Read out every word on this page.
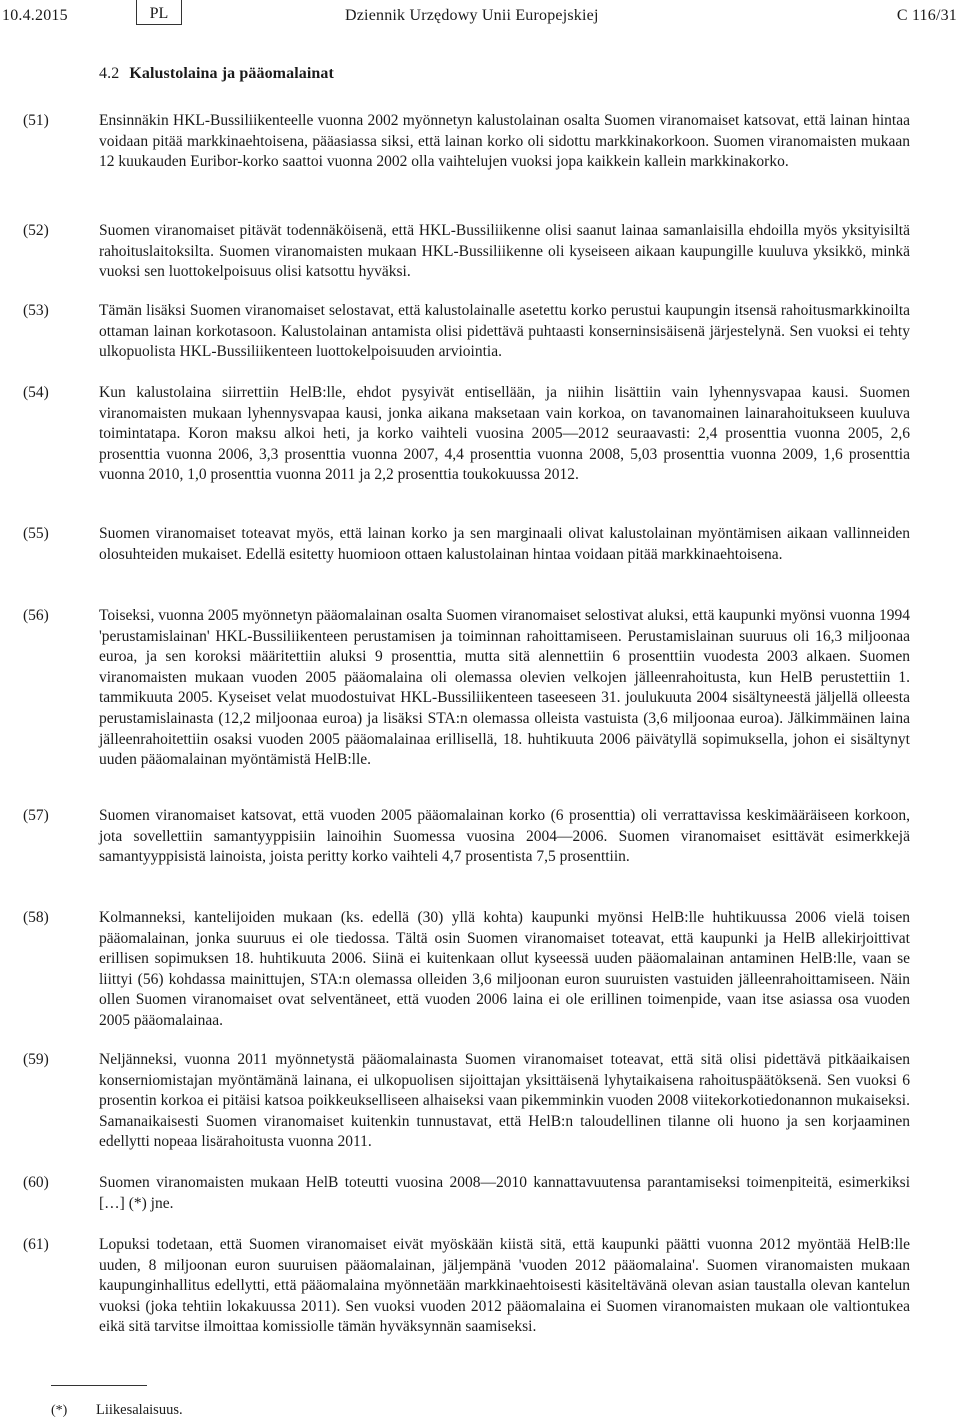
10.4.2015	PL	Dziennik Urzędowy Unii Europejskiej	C 116/31
4.2 Kalustolaina ja pääomalainat
(51)	Ensinnäkin HKL-Bussiliikenteelle vuonna 2002 myönnetyn kalustolainan osalta Suomen viranomaiset katsovat, että lainan hintaa voidaan pitää markkinaehtoisena, pääasiassa siksi, että lainan korko oli sidottu markkinakorkoon. Suomen viranomaisten mukaan 12 kuukauden Euribor-korko saattoi vuonna 2002 olla vaihtelujen vuoksi jopa kaikkein kallein markkinakorko.
(52)	Suomen viranomaiset pitävät todennäköisenä, että HKL-Bussiliikenne olisi saanut lainaa samanlaisilla ehdoilla myös yksityisiltä rahoituslaitoksilta. Suomen viranomaisten mukaan HKL-Bussiliikenne oli kyseiseen aikaan kaupungille kuuluva yksikkö, minkä vuoksi sen luottokelpoisuus olisi katsottu hyväksi.
(53)	Tämän lisäksi Suomen viranomaiset selostavat, että kalustolainalle asetettu korko perustui kaupungin itsensä rahoitusmarkkinoilta ottaman lainan korkotasoon. Kalustolainan antamista olisi pidettävä puhtaasti konserninsisäisenä järjestelynä. Sen vuoksi ei tehty ulkopuolista HKL-Bussiliikenteen luottokelpoisuuden arviointia.
(54)	Kun kalustolaina siirrettiin HelB:lle, ehdot pysyivät entisellään, ja niihin lisättiin vain lyhennysvapaa kausi. Suomen viranomaisten mukaan lyhennysvapaa kausi, jonka aikana maksetaan vain korkoa, on tavanomainen lainarahoitukseen kuuluva toimintatapa. Koron maksu alkoi heti, ja korko vaihteli vuosina 2005—2012 seuraavasti: 2,4 prosenttia vuonna 2005, 2,6 prosenttia vuonna 2006, 3,3 prosenttia vuonna 2007, 4,4 prosenttia vuonna 2008, 5,03 prosenttia vuonna 2009, 1,6 prosenttia vuonna 2010, 1,0 prosenttia vuonna 2011 ja 2,2 prosenttia toukokuussa 2012.
(55)	Suomen viranomaiset toteavat myös, että lainan korko ja sen marginaali olivat kalustolainan myöntämisen aikaan vallinneiden olosuhteiden mukaiset. Edellä esitetty huomioon ottaen kalustolainan hintaa voidaan pitää markkinaehtoisena.
(56)	Toiseksi, vuonna 2005 myönnetyn pääomalainan osalta Suomen viranomaiset selostivat aluksi, että kaupunki myönsi vuonna 1994 'perustamislainan' HKL-Bussiliikenteen perustamisen ja toiminnan rahoittamiseen. Perustamislainan suuruus oli 16,3 miljoonaa euroa, ja sen koroksi määritettiin aluksi 9 prosenttia, mutta sitä alennettiin 6 prosenttiin vuodesta 2003 alkaen. Suomen viranomaisten mukaan vuoden 2005 pääomalaina oli olemassa olevien velkojen jälleenrahoitusta, kun HelB perustettiin 1. tammikuuta 2005. Kyseiset velat muodostuivat HKL-Bussiliikenteen taseeseen 31. joulukuuta 2004 sisältyneestä jäljellä olleesta perustamislainasta (12,2 miljoonaa euroa) ja lisäksi STA:n olemassa olleista vastuista (3,6 miljoonaa euroa). Jälkimmäinen laina jälleenrahoitettiin osaksi vuoden 2005 pääomalainaa erillisellä, 18. huhtikuuta 2006 päivätyllä sopimuksella, johon ei sisältynyt uuden pääomalainan myöntämistä HelB:lle.
(57)	Suomen viranomaiset katsovat, että vuoden 2005 pääomalainan korko (6 prosenttia) oli verrattavissa keskimääräiseen korkoon, jota sovellettiin samantyyppisiin lainoihin Suomessa vuosina 2004—2006. Suomen viranomaiset esittävät esimerkkejä samantyyppisistä lainoista, joista peritty korko vaihteli 4,7 prosentista 7,5 prosenttiin.
(58)	Kolmanneksi, kantelijoiden mukaan (ks. edellä (30) yllä kohta) kaupunki myönsi HelB:lle huhtikuussa 2006 vielä toisen pääomalainan, jonka suuruus ei ole tiedossa. Tältä osin Suomen viranomaiset toteavat, että kaupunki ja HelB allekirjoittivat erillisen sopimuksen 18. huhtikuuta 2006. Siinä ei kuitenkaan ollut kyseessä uuden pääomalainan antaminen HelB:lle, vaan se liittyi (56) kohdassa mainittujen, STA:n olemassa olleiden 3,6 miljoonan euron suuruisten vastuiden jälleenrahoittamiseen. Näin ollen Suomen viranomaiset ovat selventäneet, että vuoden 2006 laina ei ole erillinen toimenpide, vaan itse asiassa osa vuoden 2005 pääomalainaa.
(59)	Neljänneksi, vuonna 2011 myönnetystä pääomalainasta Suomen viranomaiset toteavat, että sitä olisi pidettävä pitkäaikaisen konserniomistajan myöntämänä lainana, ei ulkopuolisen sijoittajan yksittäisenä lyhytaikaisena rahoituspäätöksenä. Sen vuoksi 6 prosentin korkoa ei pitäisi katsoa poikkeukselliseen alhaiseksi vaan pikemminkin vuoden 2008 viitekorkotiedonannon mukaiseksi. Samanaikaisesti Suomen viranomaiset kuitenkin tunnustavat, että HelB:n taloudellinen tilanne oli huono ja sen korjaaminen edellytti nopeaa lisärahoitusta vuonna 2011.
(60)	Suomen viranomaisten mukaan HelB toteutti vuosina 2008—2010 kannattavuutensa parantamiseksi toimenpiteitä, esimerkiksi […] (*) jne.
(61)	Lopuksi todetaan, että Suomen viranomaiset eivät myöskään kiistä sitä, että kaupunki päätti vuonna 2012 myöntää HelB:lle uuden, 8 miljoonan euron suuruisen pääomalainan, jäljempänä 'vuoden 2012 pääomalaina'. Suomen viranomaisten mukaan kaupunginhallitus edellytti, että pääomalaina myönnetään markkinaehtoisesti käsiteltävänä olevan asian taustalla olevan kantelun vuoksi (joka tehtiin lokakuussa 2011). Sen vuoksi vuoden 2012 pääomalaina ei Suomen viranomaisten mukaan ole valtiontukea eikä sitä tarvitse ilmoittaa komissiolle tämän hyväksynnän saamiseksi.
(*) Liikesalaisuus.
